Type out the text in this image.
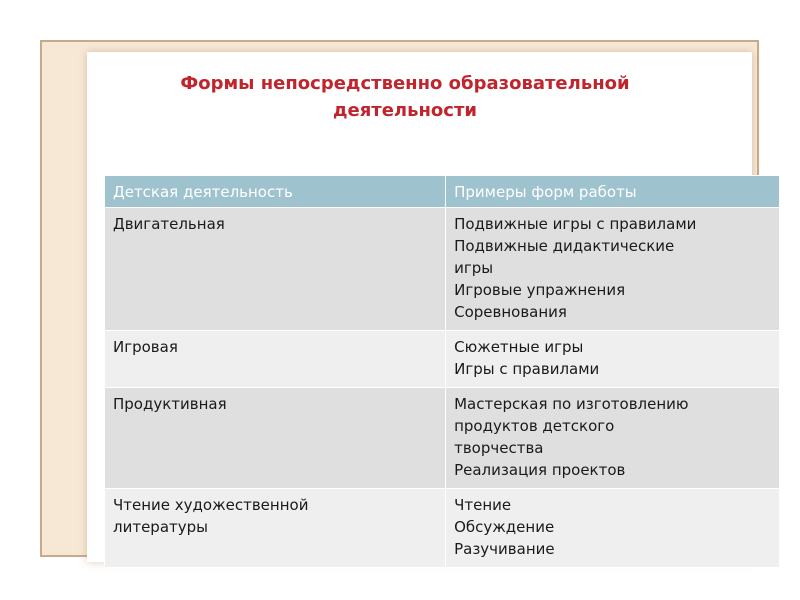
Формы непосредственно образовательной
деятельности
Детская деятельность	Примеры форм работы

Двигательная	Подвижные игры с правилами
Подвижные дидактические
игры
Игровые упражнения
Соревнования

Игровая	Сюжетные игры
Игры с правилами

Продуктивная	Мастерская по изготовлению
продуктов детского
творчества
Реализация проектов

Чтение художественной
литературы	Чтение
Обсуждение
Разучивание
